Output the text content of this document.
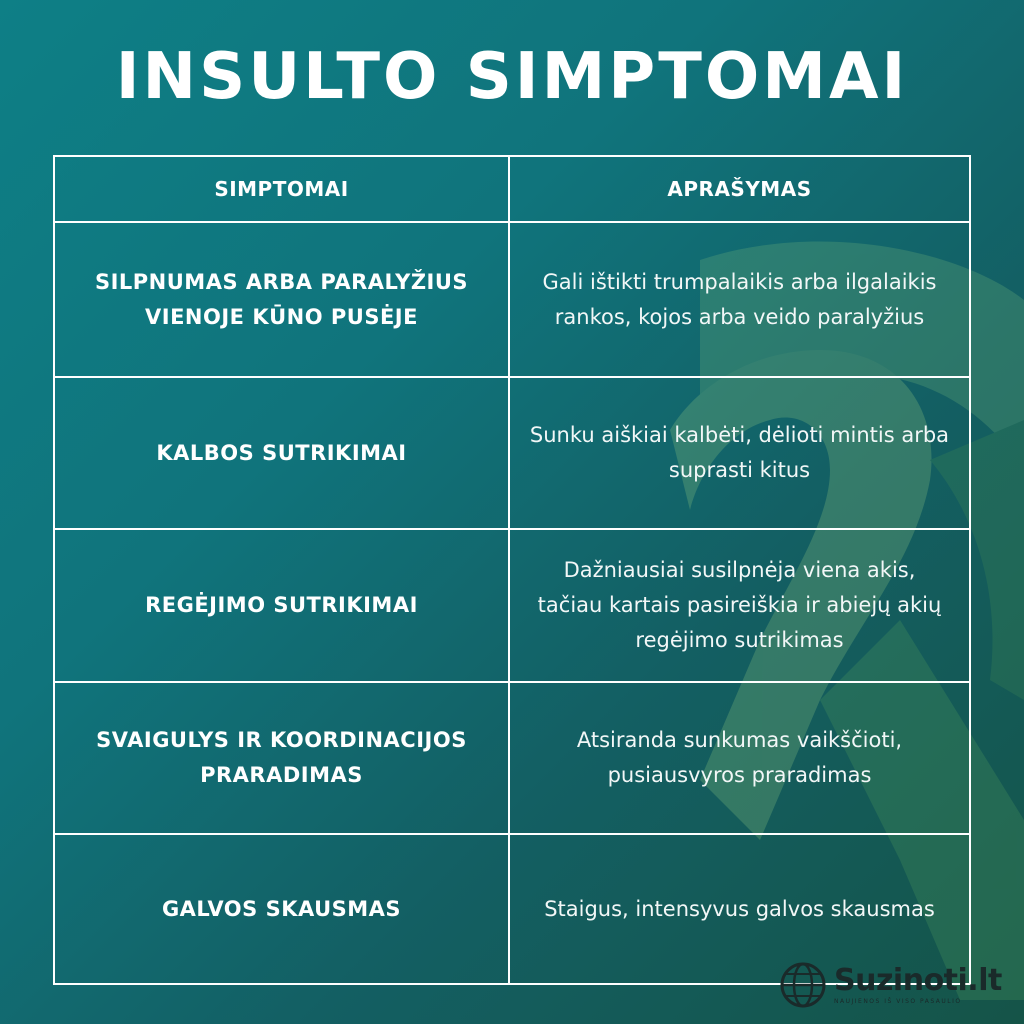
INSULTO SIMPTOMAI
SIMPTOMAI	APRAŠYMAS
SILPNUMAS ARBA PARALYŽIUS VIENOJE KŪNO PUSĖJE
Gali ištikti trumpalaikis arba ilgalaikis rankos, kojos arba veido paralyžius
KALBOS SUTRIKIMAI
Sunku aiškiai kalbėti, dėlioti mintis arba suprasti kitus
REGĖJIMO SUTRIKIMAI
Dažniausiai susilpnėja viena akis, tačiau kartais pasireiškia ir abiejų akių regėjimo sutrikimas
SVAIGULYS IR KOORDINACIJOS PRARADIMAS
Atsiranda sunkumas vaikščioti, pusiausvyros praradimas
GALVOS SKAUSMAS	Staigus, intensyvus galvos skausmas
Suzinoti.lt
NAUJIENOS IŠ VISO PASAULIO
